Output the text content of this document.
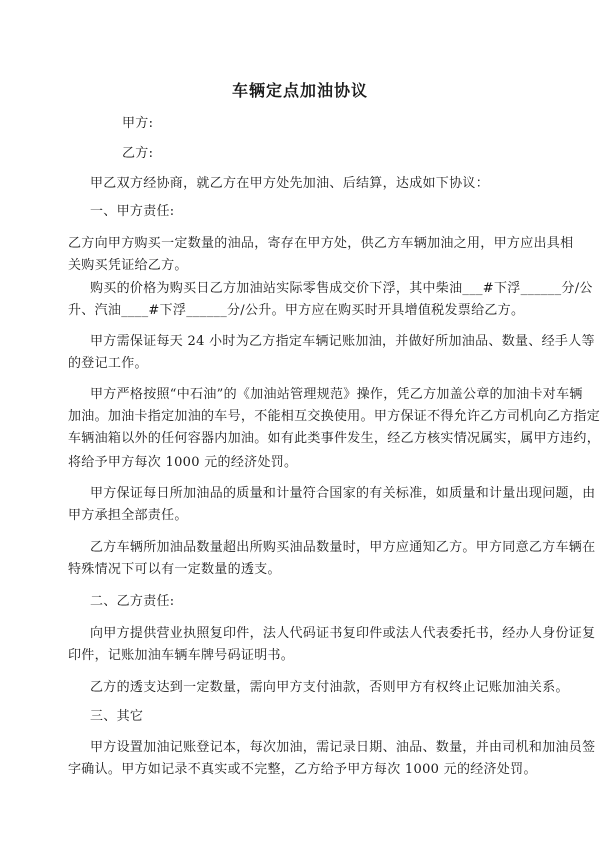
车辆定点加油协议
甲方:
乙方:
甲乙双方经协商，就乙方在甲方处先加油、后结算，达成如下协议：
一、甲方责任:
乙方向甲方购买一定数量的油品，寄存在甲方处，供乙方车辆加油之用，甲方应出具相
关购买凭证给乙方。
购买的价格为购买日乙方加油站实际零售成交价下浮，其中柴油___#下浮______分/公
升、汽油____#下浮______分/公升。甲方应在购买时开具增值税发票给乙方。
甲方需保证每天 24 小时为乙方指定车辆记账加油，并做好所加油品、数量、经手人等
的登记工作。
甲方严格按照“中石油”的《加油站管理规范》操作，凭乙方加盖公章的加油卡对车辆
加油。加油卡指定加油的车号，不能相互交换使用。甲方保证不得允许乙方司机向乙方指定
车辆油箱以外的任何容器内加油。如有此类事件发生，经乙方核实情况属实，属甲方违约，
将给予甲方每次 1000 元的经济处罚。
甲方保证每日所加油品的质量和计量符合国家的有关标准，如质量和计量出现问题，由
甲方承担全部责任。
乙方车辆所加油品数量超出所购买油品数量时，甲方应通知乙方。甲方同意乙方车辆在
特殊情况下可以有一定数量的透支。
二、乙方责任:
向甲方提供营业执照复印件，法人代码证书复印件或法人代表委托书，经办人身份证复
印件，记账加油车辆车牌号码证明书。
乙方的透支达到一定数量，需向甲方支付油款，否则甲方有权终止记账加油关系。
三、其它
甲方设置加油记账登记本，每次加油，需记录日期、油品、数量，并由司机和加油员签
字确认。甲方如记录不真实或不完整，乙方给予甲方每次 1000 元的经济处罚。
